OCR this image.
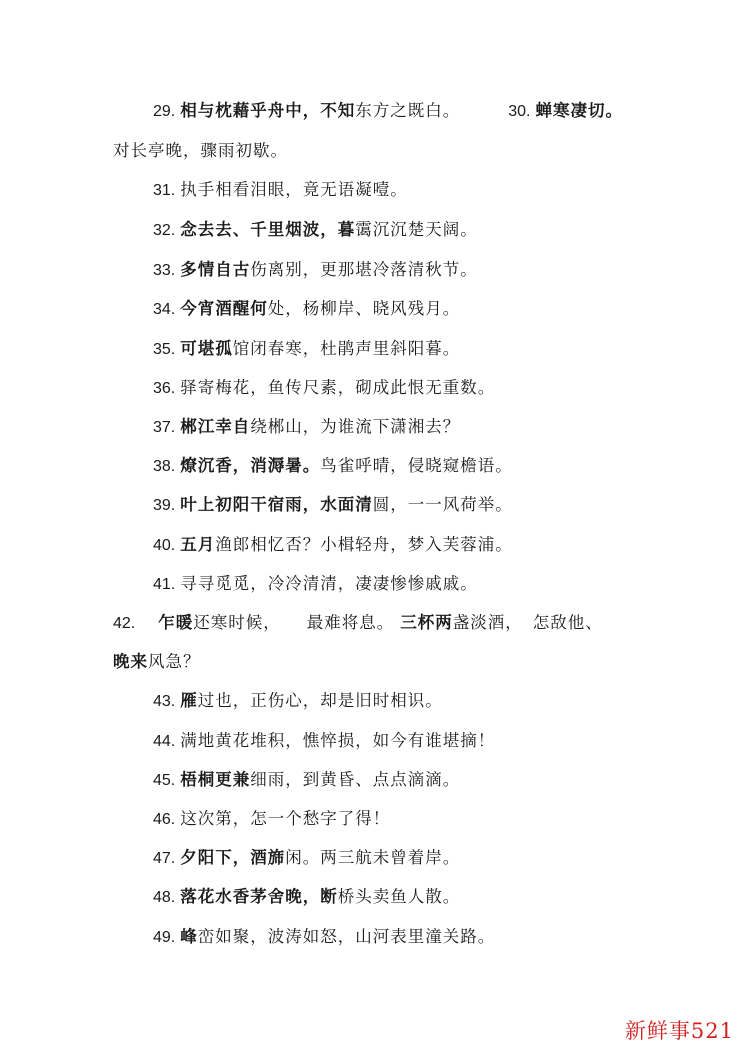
29. 相与枕藉乎舟中，不知东方之既白。	30. 蝉寒凄切。
对长亭晚，骤雨初歇。
31. 执手相看泪眼，竟无语凝噎。
32. 念去去、千里烟波，暮霭沉沉楚天阔。
33. 多情自古伤离别，更那堪冷落清秋节。
34. 今宵酒醒何处，杨柳岸、晓风残月。
35. 可堪孤馆闭春寒，杜鹃声里斜阳暮。
36. 驿寄梅花，鱼传尺素，砌成此恨无重数。
37. 郴江幸自绕郴山，为谁流下潇湘去？
38. 燎沉香，消溽暑。鸟雀呼晴，侵晓窥檐语。
39. 叶上初阳干宿雨，水面清圆，一一风荷举。
40. 五月渔郎相忆否？小楫轻舟，梦入芙蓉浦。
41. 寻寻觅觅，冷冷清清，凄凄惨惨戚戚。
42. 乍暖还寒时候， 最难将息。 三杯两盏淡酒， 怎敌他、
晚来风急？
43. 雁过也，正伤心，却是旧时相识。
44. 满地黄花堆积，憔悴损，如今有谁堪摘！
45. 梧桐更兼细雨，到黄昏、点点滴滴。
46. 这次第，怎一个愁字了得！
47. 夕阳下，酒旆闲。两三航未曾着岸。
48. 落花水香茅舍晚，断桥头卖鱼人散。
49. 峰峦如聚，波涛如怒，山河表里潼关路。
新鲜事521
